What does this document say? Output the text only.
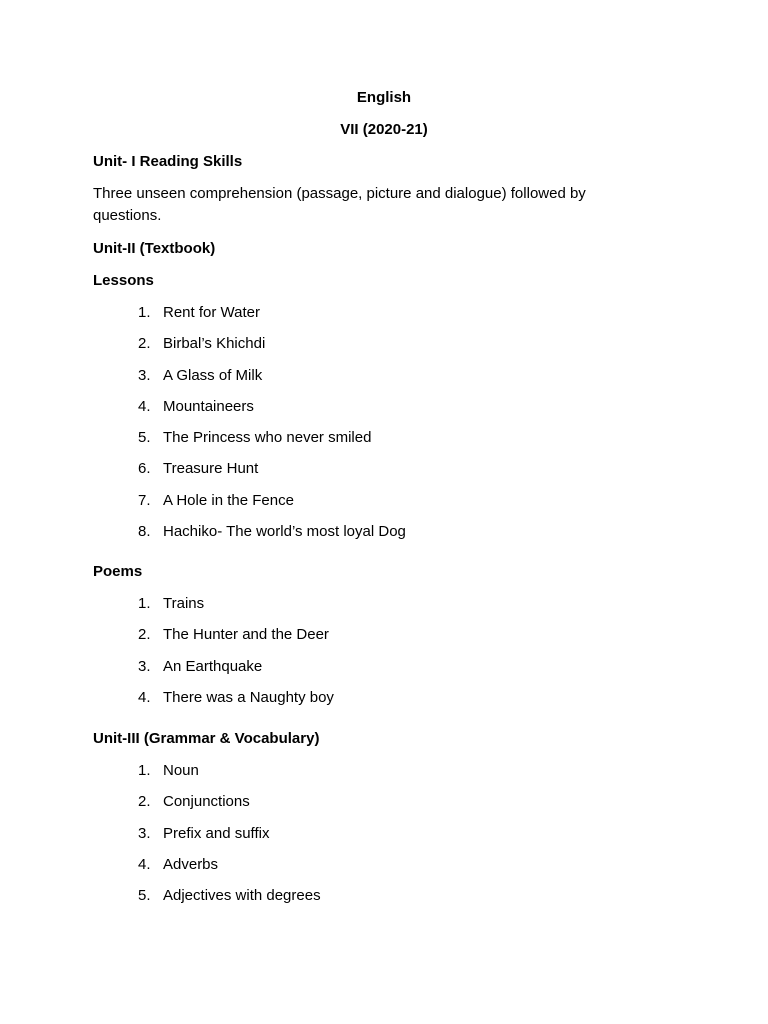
English
VII (2020-21)
Unit- I Reading Skills
Three unseen comprehension (passage, picture and dialogue) followed by questions.
Unit-II (Textbook)
Lessons
1. Rent for Water
2. Birbal’s Khichdi
3. A Glass of Milk
4. Mountaineers
5. The Princess who never smiled
6. Treasure Hunt
7. A Hole in the Fence
8. Hachiko- The world’s most loyal Dog
Poems
1. Trains
2. The Hunter and the Deer
3. An Earthquake
4. There was a Naughty boy
Unit-III (Grammar & Vocabulary)
1. Noun
2. Conjunctions
3. Prefix and suffix
4. Adverbs
5. Adjectives with degrees
